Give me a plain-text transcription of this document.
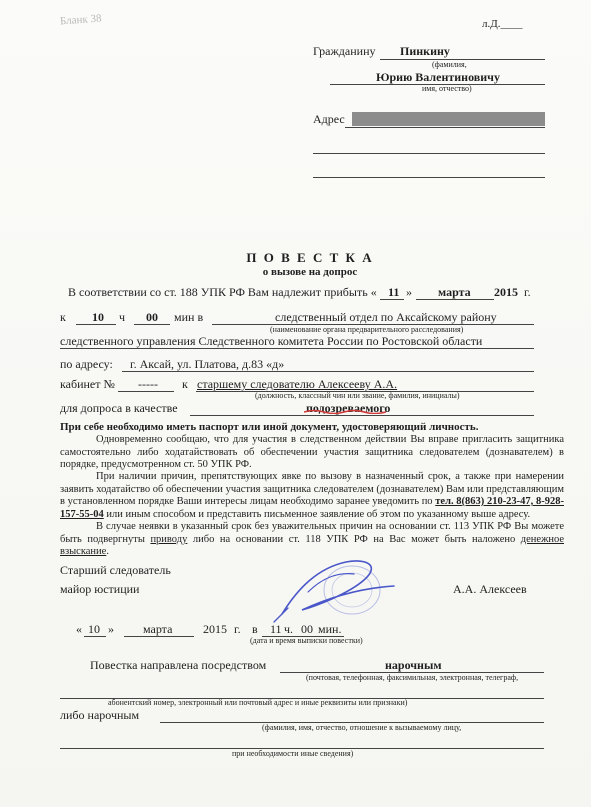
Бланк 38	л.Д.____
Гражданину Пинкину
(фамилия,
Юрию Валентиновичу
имя, отчество)
Адрес
П О В Е С Т К А
о вызове на допрос
В соответствии со ст. 188 УПК РФ Вам надлежит прибыть « 11 » марта 2015 г.
к 10 ч 00 мин в	следственный отдел по Аксайскому району
(наименование органа предварительного расследования)
следственного управления Следственного комитета России по Ростовской области
по адресу: г. Аксай, ул. Платова, д.83 «д»
кабинет № ----- к старшему следователю Алексееву А.А.
(должность, классный чин или звание, фамилия, инициалы)
для допроса в качестве	подозреваемого
При себе необходимо иметь паспорт или иной документ, удостоверяющий личность.
Одновременно сообщаю, что для участия в следственном действии Вы вправе пригласить защитника самостоятельно либо ходатайствовать об обеспечении участия защитника следователем (дознавателем) в порядке, предусмотренном ст. 50 УПК РФ.
При наличии причин, препятствующих явке по вызову в назначенный срок, а также при намерении заявить ходатайство об обеспечении участия защитника следователем (дознавателем) Вам или представляющим в установленном порядке Ваши интересы лицам необходимо заранее уведомить по тел. 8(863) 210-23-47, 8-928-157-55-04 или иным способом и представить письменное заявление об этом по указанному выше адресу.
В случае неявки в указанный срок без уважительных причин на основании ст. 113 УПК РФ Вы можете быть подвергнуты приводу либо на основании ст. 118 УПК РФ на Вас может быть наложено денежное взыскание.
Старший следователь
майор юстиции	А.А. Алексеев
« 10 » марта	2015 г. в 11 ч. 00 мин.
(дата и время выписки повестки)
Повестка направлена посредством	нарочным
(почтовая, телефонная, факсимильная, электронная, телеграф,
абонентский номер, электронный или почтовый адрес и иные реквизиты или признаки)
либо нарочным
(фамилия, имя, отчество, отношение к вызываемому лицу,
при необходимости иные сведения)
